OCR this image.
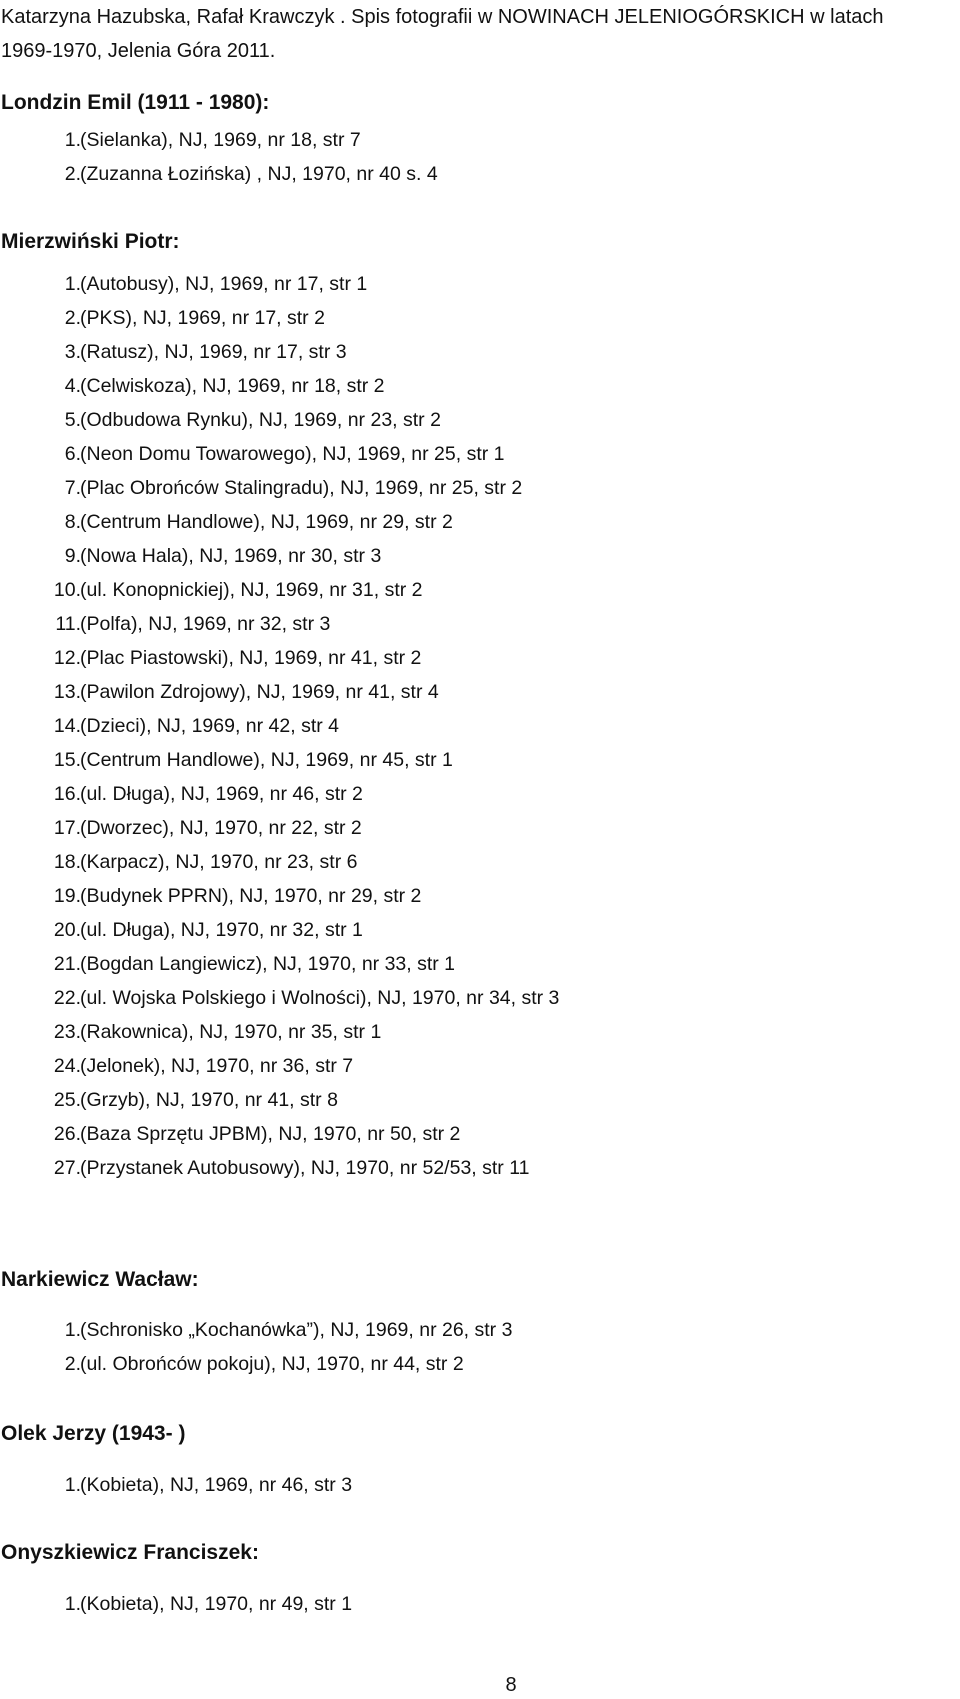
Katarzyna Hazubska, Rafał Krawczyk . Spis fotografii w NOWINACH JELENIOGÓRSKICH w latach
1969-1970, Jelenia Góra 2011.
Londzin Emil (1911 - 1980):
1. (Sielanka), NJ, 1969, nr 18, str 7
2. (Zuzanna Łozińska) , NJ, 1970, nr 40 s. 4
Mierzwiński Piotr:
1. (Autobusy), NJ, 1969, nr 17, str 1
2. (PKS), NJ, 1969, nr 17, str 2
3. (Ratusz), NJ, 1969, nr 17, str 3
4. (Celwiskoza), NJ, 1969, nr 18, str 2
5. (Odbudowa Rynku), NJ, 1969, nr 23, str 2
6. (Neon Domu Towarowego), NJ, 1969, nr 25, str 1
7. (Plac Obrońców Stalingradu), NJ, 1969, nr 25, str 2
8. (Centrum Handlowe), NJ, 1969, nr 29, str 2
9. (Nowa Hala), NJ, 1969, nr 30, str 3
10. (ul. Konopnickiej), NJ, 1969, nr 31, str 2
11. (Polfa), NJ, 1969, nr 32, str 3
12. (Plac Piastowski), NJ, 1969, nr 41, str 2
13. (Pawilon Zdrojowy), NJ, 1969, nr 41, str 4
14. (Dzieci), NJ, 1969, nr 42, str 4
15. (Centrum Handlowe), NJ, 1969, nr 45, str 1
16. (ul. Długa), NJ, 1969, nr 46, str 2
17. (Dworzec), NJ, 1970, nr 22, str 2
18. (Karpacz), NJ, 1970, nr 23, str 6
19. (Budynek PPRN), NJ, 1970, nr 29, str 2
20. (ul. Długa), NJ, 1970, nr 32, str 1
21. (Bogdan Langiewicz), NJ, 1970, nr 33, str 1
22. (ul. Wojska Polskiego i Wolności), NJ, 1970, nr 34, str 3
23. (Rakownica), NJ, 1970, nr 35, str 1
24. (Jelonek), NJ, 1970, nr 36, str 7
25. (Grzyb), NJ, 1970, nr 41, str 8
26. (Baza Sprzętu JPBM), NJ, 1970, nr 50, str 2
27. (Przystanek Autobusowy), NJ, 1970, nr 52/53, str 11
Narkiewicz Wacław:
1. (Schronisko „Kochanówka”), NJ, 1969, nr 26, str 3
2. (ul. Obrońców pokoju), NJ, 1970, nr 44, str 2
Olek Jerzy (1943- )
1. (Kobieta), NJ, 1969, nr 46, str 3
Onyszkiewicz Franciszek:
1. (Kobieta), NJ, 1970, nr 49, str 1
8
